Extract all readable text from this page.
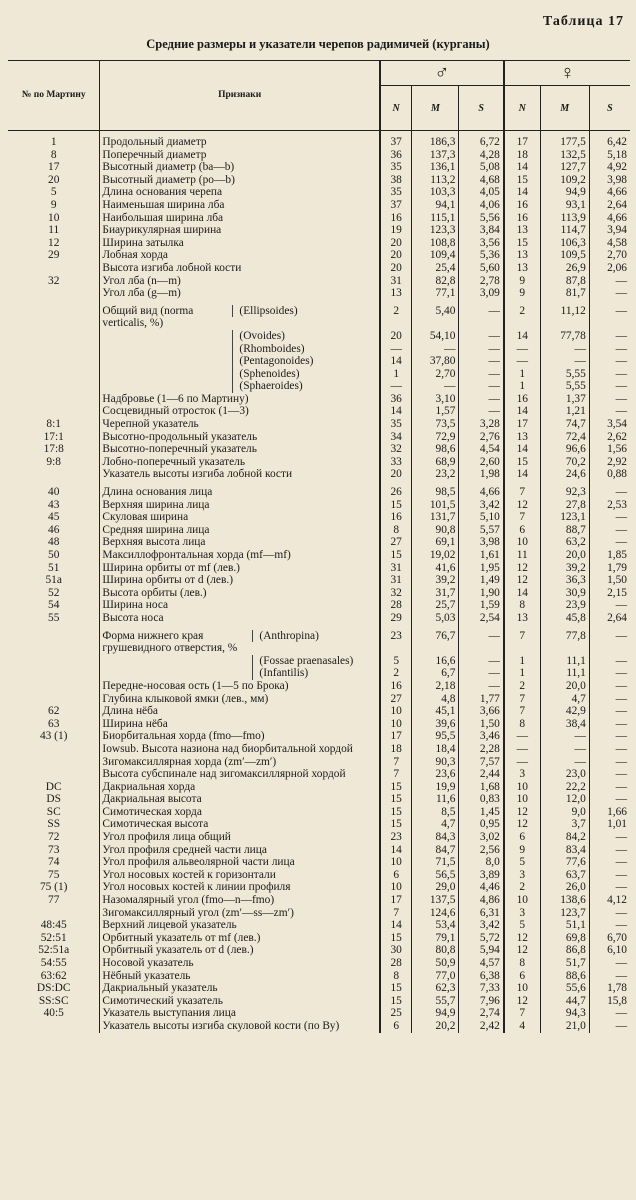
Таблица 17
Средние размеры и указатели черепов радимичей (курганы)
№ по Мартину	Признаки	♂			♀		
		N	M	S	N	M	S
1	Продольный диаметр	37	186,3	6,72	17	177,5	6,42
8	Поперечный диаметр	36	137,3	4,28	18	132,5	5,18
17	Высотный диаметр (ba—b)	35	136,1	5,08	14	127,7	4,92
20	Высотный диаметр (po—b)	38	113,2	4,68	15	109,2	3,98
5	Длина основания черепа	35	103,3	4,05	14	94,9	4,66
9	Наименьшая ширина лба	37	94,1	4,06	16	93,1	2,64
10	Наибольшая ширина лба	16	115,1	5,56	16	113,9	4,66
11	Биаурикулярная ширина	19	123,3	3,84	13	114,7	3,94
12	Ширина затылка	20	108,8	3,56	15	106,3	4,58
29	Лобная хорда	20	109,4	5,36	13	109,5	2,70
	Высота изгиба лобной кости	20	25,4	5,60	13	26,9	2,06
32	Угол лба (n—m)	31	82,8	2,78	9	87,8	—
	Угол лба (g—m)	13	77,1	3,09	9	81,7	—
	Общий вид (norma verticalis, %)(Ellipsoides)	2	5,40	—	2	11,12	—
	(Ovoides)	20	54,10	—	14	77,78	—
	(Rhomboides)	—	—	—	—	—	—
	(Pentagonoides)	14	37,80	—	—	—	—
	(Sphenoides)	1	2,70	—	1	5,55	—
	(Sphaeroides)	—	—	—	1	5,55	—
	Надбровье (1—6 по Мартину)	36	3,10	—	16	1,37	—
	Сосцевидный отросток (1—3)	14	1,57	—	14	1,21	—
8:1	Черепной указатель	35	73,5	3,28	17	74,7	3,54
17:1	Высотно-продольный указатель	34	72,9	2,76	13	72,4	2,62
17:8	Высотно-поперечный указатель	32	98,6	4,54	14	96,6	1,56
9:8	Лобно-поперечный указатель	33	68,9	2,60	15	70,2	2,92
	Указатель высоты изгиба лобной кости	20	23,2	1,98	14	24,6	0,88
40	Длина основания лица	26	98,5	4,66	7	92,3	—
43	Верхняя ширина лица	15	101,5	3,42	12	27,8	2,53
45	Скуловая ширина	16	131,7	5,10	7	123,1	—
46	Средняя ширина лица	8	90,8	5,57	6	88,7	—
48	Верхняя высота лица	27	69,1	3,98	10	63,2	—
50	Максиллофронтальная хорда (mf—mf)	15	19,02	1,61	11	20,0	1,85
51	Ширина орбиты от mf (лев.)	31	41,6	1,95	12	39,2	1,79
51a	Ширина орбиты от d (лев.)	31	39,2	1,49	12	36,3	1,50
52	Высота орбиты (лев.)	32	31,7	1,90	14	30,9	2,15
54	Ширина носа	28	25,7	1,59	8	23,9	—
55	Высота носа	29	5,03	2,54	13	45,8	2,64
	Форма нижнего края грушевидного отверстия, %(Anthropina)	23	76,7	—	7	77,8	—
	(Fossae praenasales)	5	16,6	—	1	11,1	—
	(Infantilis)	2	6,7	—	1	11,1	—
	Передне-носовая ость (1—5 по Брока)	16	2,18	—	2	20,0	—
	Глубина клыковой ямки (лев., мм)	27	4,8	1,77	7	4,7	—
62	Длина нёба	10	45,1	3,66	7	42,9	—
63	Ширина нёба	10	39,6	1,50	8	38,4	—
43 (1)	Биорбитальная хорда (fmo—fmo)	17	95,5	3,46	—	—	—
	Iowsub. Высота назиона над биорбитальной хордой	18	18,4	2,28	—	—	—
	Зигомаксиллярная хорда (zm′—zm′)	7	90,3	7,57	—	—	—
	Высота субспинале над зигомаксиллярной хордой	7	23,6	2,44	3	23,0	—
DC	Дакриальная хорда	15	19,9	1,68	10	22,2	—
DS	Дакриальная высота	15	11,6	0,83	10	12,0	—
SC	Симотическая хорда	15	8,5	1,45	12	9,0	1,66
SS	Симотическая высота	15	4,7	0,95	12	3,7	1,01
72	Угол профиля лица общий	23	84,3	3,02	6	84,2	—
73	Угол профиля средней части лица	14	84,7	2,56	9	83,4	—
74	Угол профиля альвеолярной части лица	10	71,5	8,0	5	77,6	—
75	Угол носовых костей к горизонтали	6	56,5	3,89	3	63,7	—
75 (1)	Угол носовых костей к линии профиля	10	29,0	4,46	2	26,0	—
77	Назомалярный угол (fmo—n—fmo)	17	137,5	4,86	10	138,6	4,12
	Зигомаксиллярный угол (zm′—ss—zm′)	7	124,6	6,31	3	123,7	—
48:45	Верхний лицевой указатель	14	53,4	3,42	5	51,1	—
52:51	Орбитный указатель от mf (лев.)	15	79,1	5,72	12	69,8	6,70
52:51a	Орбитный указатель от d (лев.)	30	80,8	5,94	12	86,8	6,10
54:55	Носовой указатель	28	50,9	4,57	8	51,7	—
63:62	Нёбный указатель	8	77,0	6,38	6	88,6	—
DS:DC	Дакриальный указатель	15	62,3	7,33	10	55,6	1,78
SS:SC	Симотический указатель	15	55,7	7,96	12	44,7	15,8
40:5	Указатель выступания лица	25	94,9	2,74	7	94,3	—
	Указатель высоты изгиба скуловой кости (по Ву)	6	20,2	2,42	4	21,0	—
